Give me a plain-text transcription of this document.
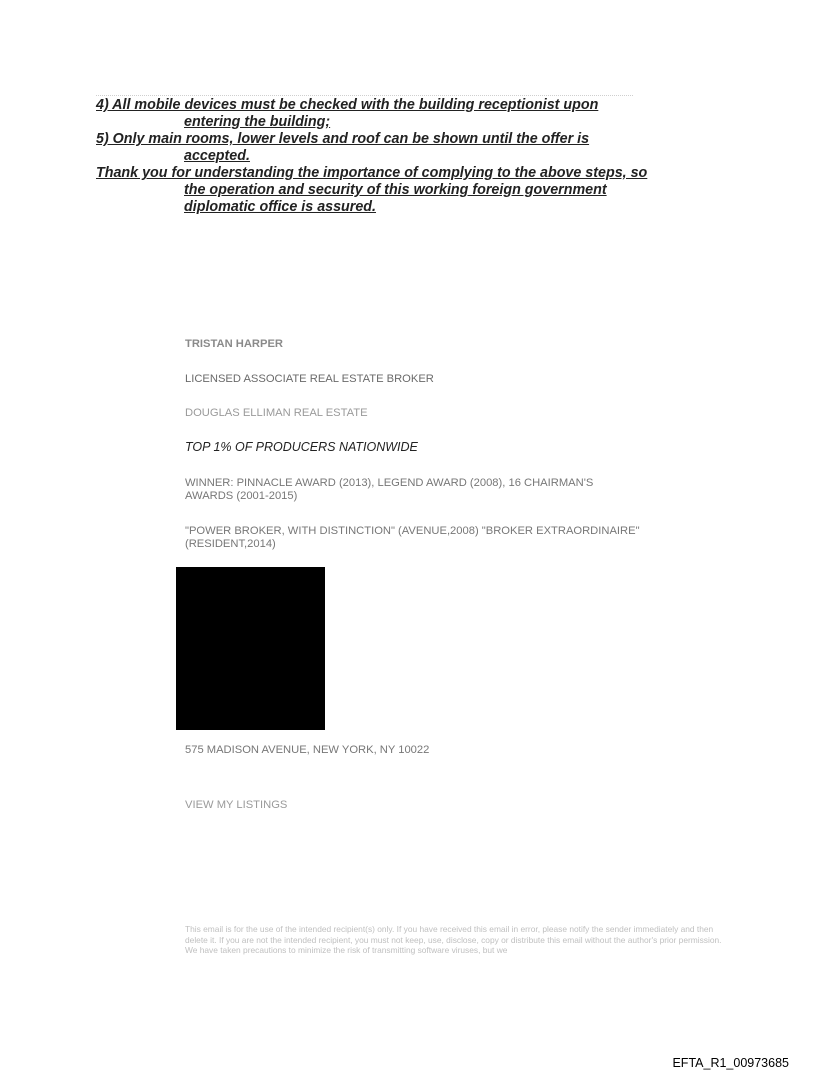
4) All mobile devices must be checked with the building receptionist upon entering the building;

5) Only main rooms, lower levels and roof can be shown until the offer is accepted.

Thank you for understanding the importance of complying to the above steps, so the operation and security of this working foreign government diplomatic office is assured.

TRISTAN HARPER
LICENSED ASSOCIATE REAL ESTATE BROKER
DOUGLAS ELLIMAN REAL ESTATE
TOP 1% OF PRODUCERS NATIONWIDE
WINNER: PINNACLE AWARD (2013), LEGEND AWARD (2008), 16 CHAIRMAN'S AWARDS (2001-2015)
"POWER BROKER, WITH DISTINCTION" (AVENUE,2008) "BROKER EXTRAORDINAIRE" (RESIDENT,2014)
575 MADISON AVENUE, NEW YORK, NY 10022
VIEW MY LISTINGS
This email is for the use of the intended recipient(s) only. If you have received this email in error, please notify the sender immediately and then delete it. If you are not the intended recipient, you must not keep, use, disclose, copy or distribute this email without the author's prior permission. We have taken precautions to minimize the risk of transmitting software viruses, but we
EFTA_R1_00973685
